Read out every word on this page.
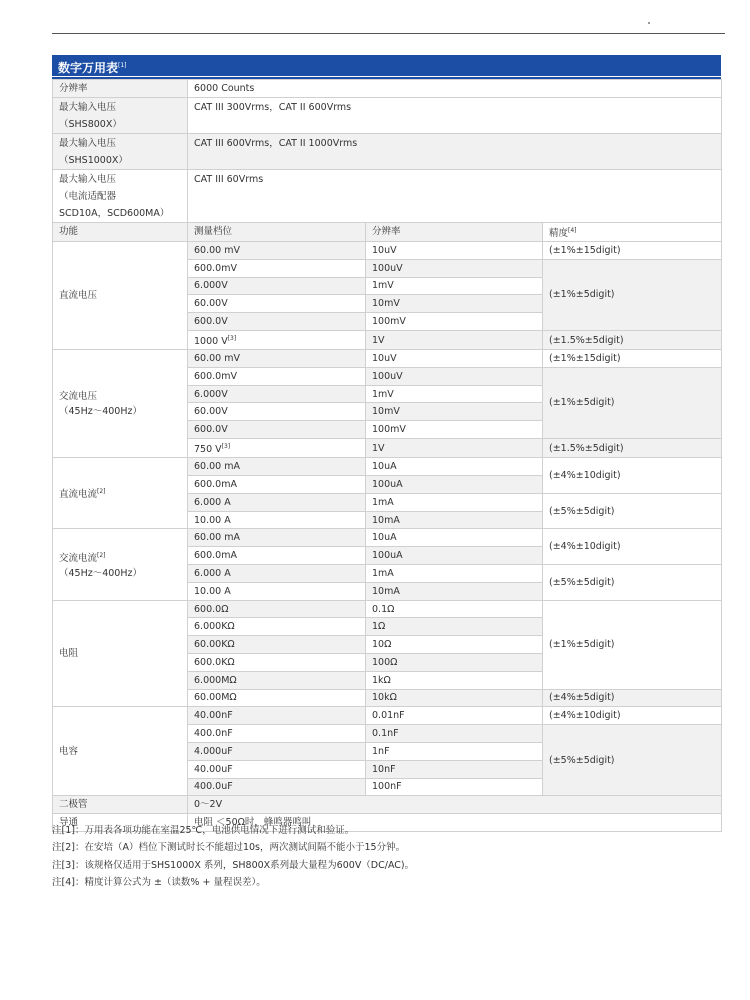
数字万用表[1]
分辨率	6000 Counts		
最大输入电压
（SHS800X）	CAT III 300Vrms，CAT II 600Vrms		
最大输入电压
（SHS1000X）	CAT III 600Vrms，CAT II 1000Vrms		
最大输入电压
（电流适配器
SCD10A，SCD600MA）	CAT III 60Vrms		
功能	测量档位	分辨率	精度[4]
直流电压	60.00 mV	10uV	(±1%±15digit)
	600.0mV	100uV	(±1%±5digit)
	6.000V	1mV	
	60.00V	10mV	
	600.0V	100mV	
	1000 V[3]	1V	(±1.5%±5digit)
交流电压
（45Hz～400Hz）	60.00 mV	10uV	(±1%±15digit)
	600.0mV	100uV	(±1%±5digit)
	6.000V	1mV	
	60.00V	10mV	
	600.0V	100mV	
	750 V[3]	1V	(±1.5%±5digit)
直流电流[2]	60.00 mA	10uA	(±4%±10digit)
	600.0mA	100uA	
	6.000 A	1mA	(±5%±5digit)
	10.00 A	10mA	
交流电流[2]
（45Hz～400Hz）	60.00 mA	10uA	(±4%±10digit)
	600.0mA	100uA	
	6.000 A	1mA	(±5%±5digit)
	10.00 A	10mA	
电阻	600.0Ω	0.1Ω	(±1%±5digit)
	6.000KΩ	1Ω	
	60.00KΩ	10Ω	
	600.0KΩ	100Ω	
	6.000MΩ	1kΩ	
	60.00MΩ	10kΩ	(±4%±5digit)
电容	40.00nF	0.01nF	(±4%±10digit)
	400.0nF	0.1nF	(±5%±5digit)
	4.000uF	1nF	
	40.00uF	10nF	
	400.0uF	100nF	
二极管	0～2V		
导通	电阻 ＜50Ω时，蜂鸣器鸣叫		
注[1]：万用表各项功能在室温25℃，电池供电情况下进行测试和验证。
注[2]：在安培（A）档位下测试时长不能超过10s，两次测试间隔不能小于15分钟。
注[3]：该规格仅适用于SHS1000X 系列，SH800X系列最大量程为600V（DC/AC)。
注[4]：精度计算公式为 ±（读数% + 量程误差）。
